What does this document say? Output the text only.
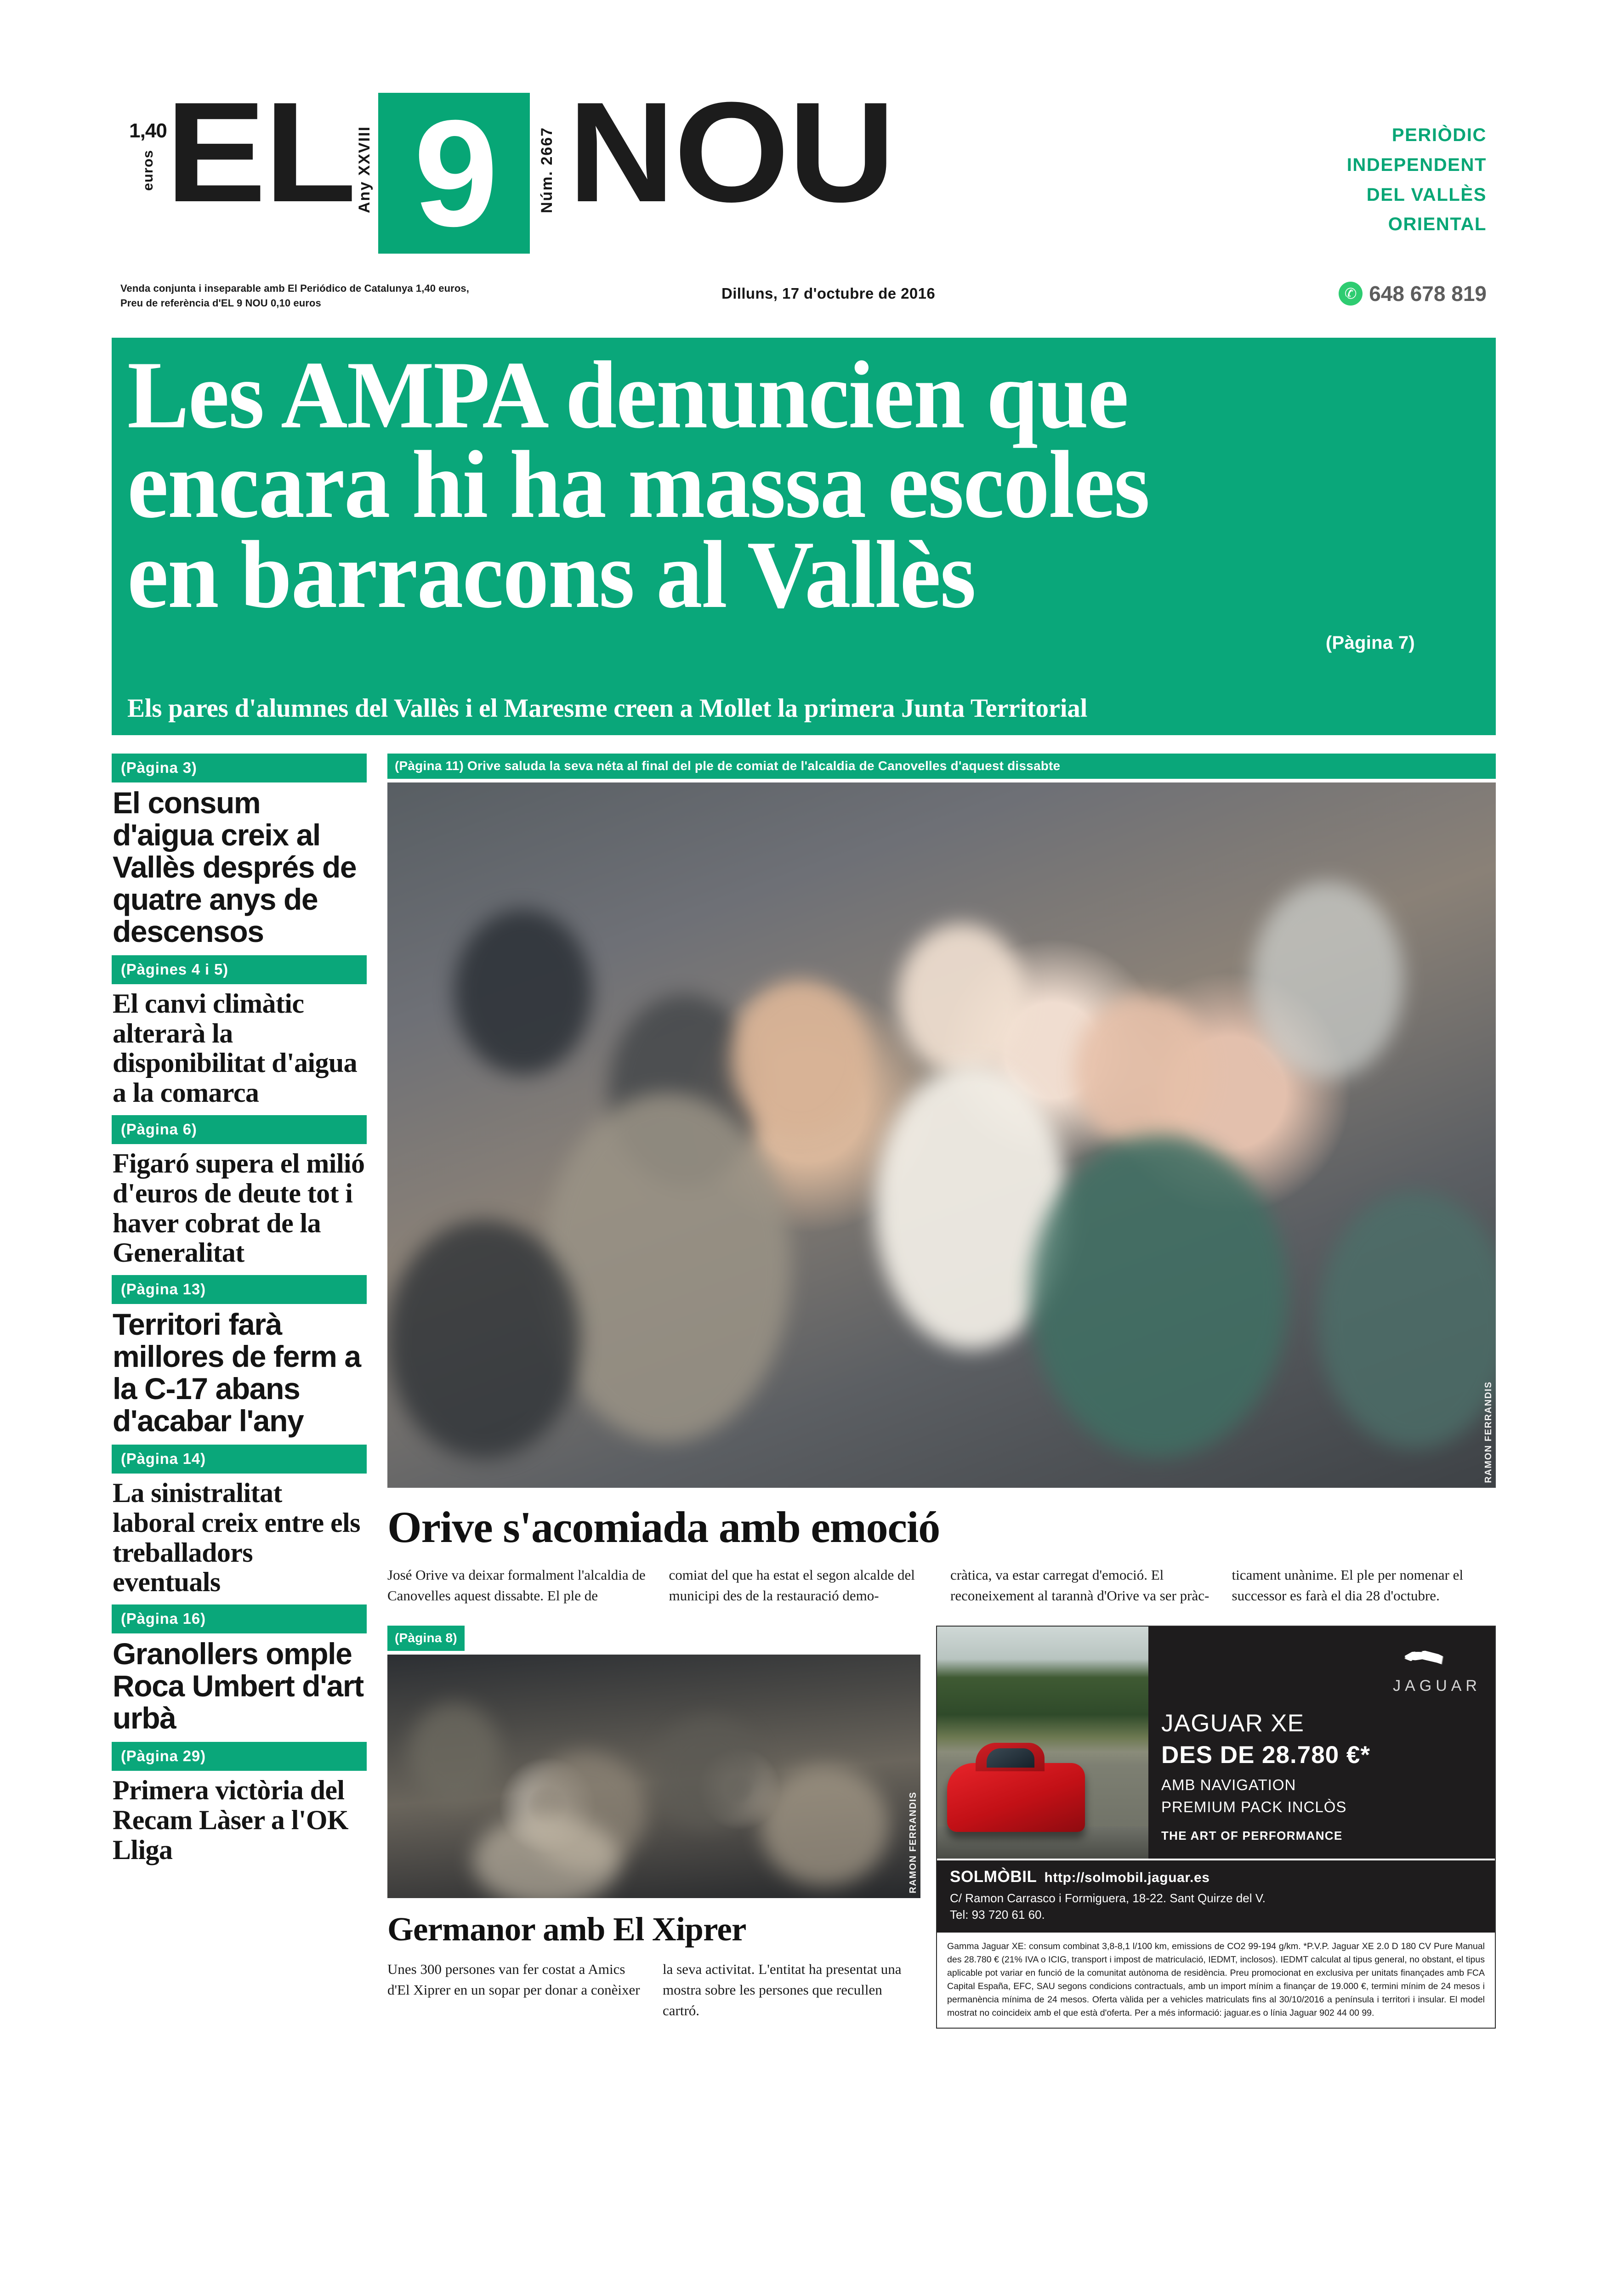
1,40
euros EL Any XXVIII 9	Núm. 2667 NOU	PERIÒDIC
INDEPENDENT
DEL VALLÈS
ORIENTAL
Venda conjunta i inseparable amb El Periódico de Catalunya 1,40 euros,
Preu de referència d'EL 9 NOU 0,10 euros
Dilluns, 17 d'octubre de 2016	✆ 648 678 819
Les AMPA denuncien que
encara hi ha massa escoles
en barracons al Vallès
(Pàgina 7)
Els pares d'alumnes del Vallès i el Maresme creen a Mollet la primera Junta Territorial
(Pàgina 3)
El consum d'aigua creix al Vallès després de quatre anys de descensos
(Pàgines 4 i 5)
El canvi climàtic alterarà la disponibilitat d'aigua a la comarca
(Pàgina 6)
Figaró supera el milió d'euros de deute tot i haver cobrat de la Generalitat
(Pàgina 13)
Territori farà millores de ferm a la C-17 abans d'acabar l'any
(Pàgina 14)
La sinistralitat laboral creix entre els treballadors eventuals
(Pàgina 16)
Granollers omple Roca Umbert d'art urbà
(Pàgina 29)
Primera victòria del Recam Làser a l'OK Lliga
(Pàgina 11) Orive saluda la seva néta al final del ple de comiat de l'alcaldia de Canovelles d'aquest dissabte
RAMON FERRANDIS
Orive s'acomiada amb emoció
José Orive va deixar formalment l'alcaldia de Canovelles aquest dissabte. El ple de
comiat del que ha estat el segon alcalde del municipi des de la restauració demo-
cràtica, va estar carregat d'emoció. El reconeixement al tarannà d'Orive va ser pràc-
ticament unànime. El ple per nomenar el successor es farà el dia 28 d'octubre.
(Pàgina 8)
RAMON FERRANDIS
Germanor amb El Xiprer
Unes 300 persones van fer costat a Amics d'El Xiprer en un sopar per donar a conèixer
la seva activitat. L'entitat ha presentat una mostra sobre les persones que recullen cartró.
JAGUAR
JAGUAR XE
DES DE 28.780 €*
AMB NAVIGATION
PREMIUM PACK INCLÒS
THE ART OF PERFORMANCE
SOLMÒBIL http://solmobil.jaguar.es
C/ Ramon Carrasco i Formiguera, 18-22. Sant Quirze del V.
Tel: 93 720 61 60.
Gamma Jaguar XE: consum combinat 3,8-8,1 l/100 km, emissions de CO2 99-194 g/km. *P.V.P. Jaguar XE 2.0 D 180 CV Pure Manual des 28.780 € (21% IVA o ICIG, transport i impost de matriculació, IEDMT, inclosos). IEDMT calculat al tipus general, no obstant, el tipus aplicable pot variar en funció de la comunitat autònoma de residència. Preu promocionat en exclusiva per unitats finançades amb FCA Capital España, EFC, SAU segons condicions contractuals, amb un import mínim a finançar de 19.000 €, termini mínim de 24 mesos i permanència mínima de 24 mesos. Oferta vàlida per a vehicles matriculats fins al 30/10/2016 a península i territori i insular. El model mostrat no coincideix amb el que està d'oferta. Per a més informació: jaguar.es o línia Jaguar 902 44 00 99.
